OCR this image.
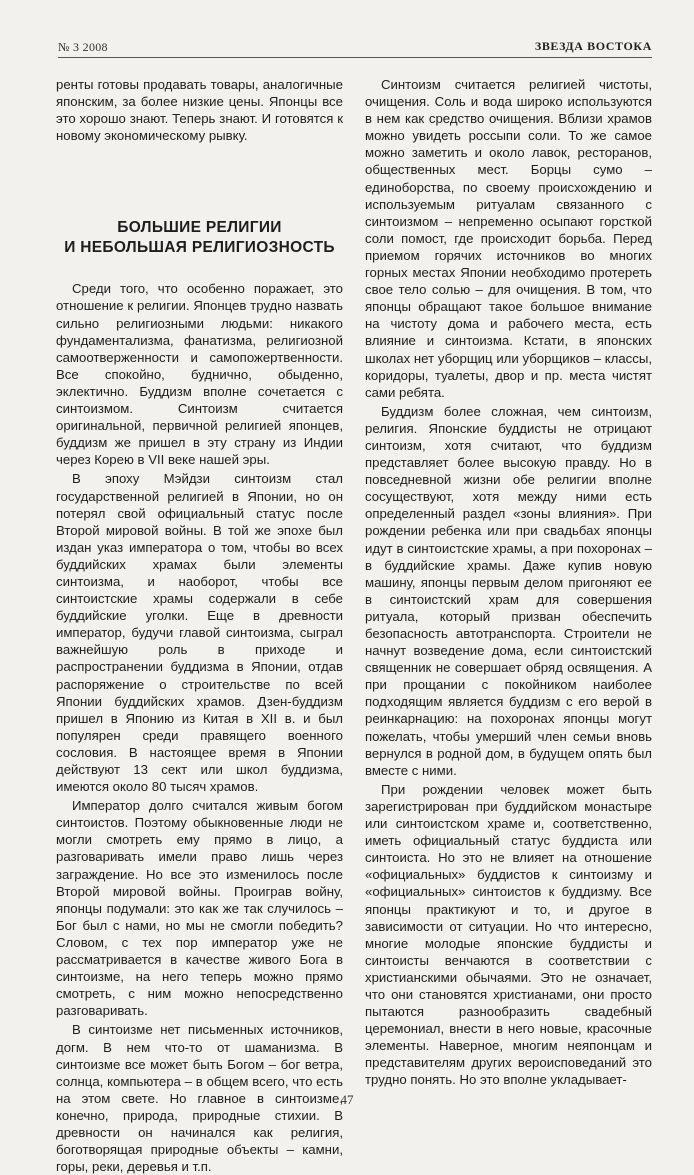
№ 3 2008	ЗВЕЗДА ВОСТОКА

ренты готовы продавать товары, аналогичные японским, за более низкие цены. Японцы все это хорошо знают. Теперь знают. И готовятся к новому экономическому рывку.

БОЛЬШИЕ РЕЛИГИИ
И НЕБОЛЬШАЯ РЕЛИГИОЗНОСТЬ

Среди того, что особенно поражает, это отношение к религии. Японцев трудно назвать сильно религиозными людьми: никакого фундаментализма, фанатизма, религиозной самоотверженности и самопожертвенности. Все спокойно, буднично, обыденно, эклектично. Буддизм вполне сочетается с синтоизмом. Синтоизм считается оригинальной, первичной религией японцев, буддизм же пришел в эту страну из Индии через Корею в VII веке нашей эры.

В эпоху Мэйдзи синтоизм стал государственной религией в Японии, но он потерял свой официальный статус после Второй мировой войны. В той же эпохе был издан указ императора о том, чтобы во всех буддийских храмах были элементы синтоизма, и наоборот, чтобы все синтоистские храмы содержали в себе буддийские уголки. Еще в древности император, будучи главой синтоизма, сыграл важнейшую роль в приходе и распространении буддизма в Японии, отдав распоряжение о строительстве по всей Японии буддийских храмов. Дзен-буддизм пришел в Японию из Китая в XII в. и был популярен среди правящего военного сословия. В настоящее время в Японии действуют 13 сект или школ буддизма, имеются около 80 тысяч храмов.

Император долго считался живым богом синтоистов. Поэтому обыкновенные люди не могли смотреть ему прямо в лицо, а разговаривать имели право лишь через заграждение. Но все это изменилось после Второй мировой войны. Проиграв войну, японцы подумали: это как же так случилось – Бог был с нами, но мы не смогли победить? Словом, с тех пор император уже не рассматривается в качестве живого Бога в синтоизме, на него теперь можно прямо смотреть, с ним можно непосредственно разговаривать.

В синтоизме нет письменных источников, догм. В нем что-то от шаманизма. В синтоизме все может быть Богом – бог ветра, солнца, компьютера – в общем всего, что есть на этом свете. Но главное в синтоизме, конечно, природа, природные стихии. В древности он начинался как религия, боготворящая природные объекты – камни, горы, реки, деревья и т.п.

Синтоизм считается религией чистоты, очищения. Соль и вода широко используются в нем как средство очищения. Вблизи храмов можно увидеть россыпи соли. То же самое можно заметить и около лавок, ресторанов, общественных мест. Борцы сумо – единоборства, по своему происхождению и используемым ритуалам связанного с синтоизмом – непременно осыпают горсткой соли помост, где происходит борьба. Перед приемом горячих источников во многих горных местах Японии необходимо протереть свое тело солью – для очищения. В том, что японцы обращают такое большое внимание на чистоту дома и рабочего места, есть влияние и синтоизма. Кстати, в японских школах нет уборщиц или уборщиков – классы, коридоры, туалеты, двор и пр. места чистят сами ребята.

Буддизм более сложная, чем синтоизм, религия. Японские буддисты не отрицают синтоизм, хотя считают, что буддизм представляет более высокую правду. Но в повседневной жизни обе религии вполне сосуществуют, хотя между ними есть определенный раздел «зоны влияния». При рождении ребенка или при свадьбах японцы идут в синтоистские храмы, а при похоронах – в буддийские храмы. Даже купив новую машину, японцы первым делом пригоняют ее в синтоистский храм для совершения ритуала, который призван обеспечить безопасность автотранспорта. Строители не начнут возведение дома, если синтоистский священник не совершает обряд освящения. А при прощании с покойником наиболее подходящим является буддизм с его верой в реинкарнацию: на похоронах японцы могут пожелать, чтобы умерший член семьи вновь вернулся в родной дом, в будущем опять был вместе с ними.

При рождении человек может быть зарегистрирован при буддийском монастыре или синтоистском храме и, соответственно, иметь официальный статус буддиста или синтоиста. Но это не влияет на отношение «официальных» буддистов к синтоизму и «официальных» синтоистов к буддизму. Все японцы практикуют и то, и другое в зависимости от ситуации. Но что интересно, многие молодые японские буддисты и синтоисты венчаются в соответствии с христианскими обычаями. Это не означает, что они становятся христианами, они просто пытаются разнообразить свадебный церемониал, внести в него новые, красочные элементы. Наверное, многим неяпонцам и представителям других вероисповеданий это трудно понять. Но это вполне укладывает-

47
